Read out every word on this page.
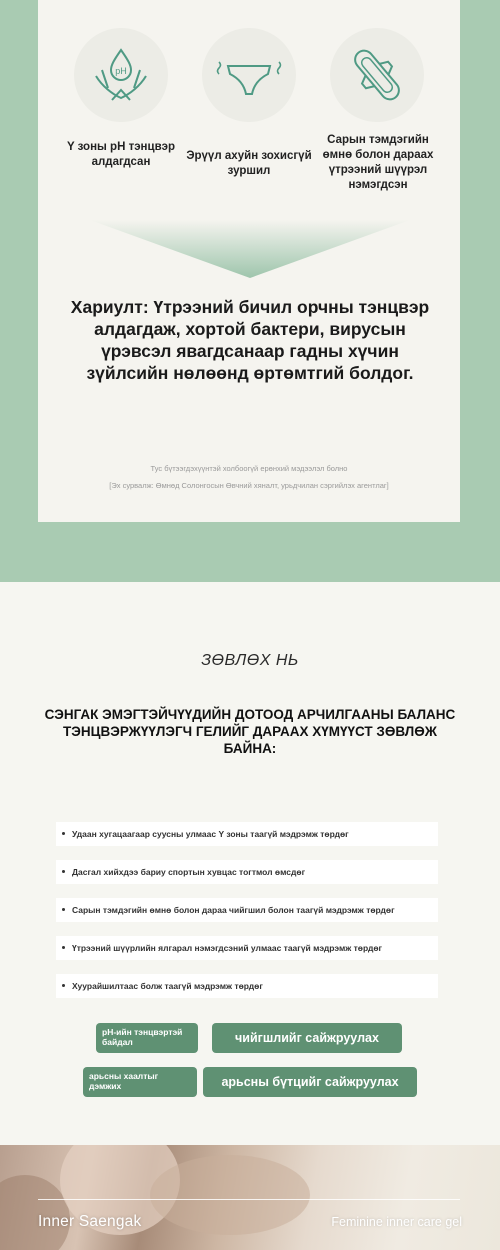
pH
Y зоны pH тэнцвэр алдагдсан	Эрүүл ахуйн зохисгүй зуршил
Сарын тэмдэгийн өмнө болон дараах үтрээний шүүрэл нэмэгдсэн
Хариулт: Үтрээний бичил орчны тэнцвэр алдагдаж, хортой бактери, вирусын үрэвсэл явагдсанаар гадны хүчин зүйлсийн нөлөөнд өртөмтгий болдог.
Тус бүтээгдэхүүнтэй холбоогүй ерөнхий мэдээлэл болно
[Эх сурвалж: Өмнөд Солонгосын Өвчний хяналт, урьдчилан сэргийлэх агентлаг]
ЗӨВЛӨХ НЬ
СЭНГАК ЭМЭГТЭЙЧҮҮДИЙН ДОТООД АРЧИЛГААНЫ БАЛАНС ТЭНЦВЭРЖҮҮЛЭГЧ ГЕЛИЙГ ДАРААХ ХҮМҮҮСТ ЗӨВЛӨЖ БАЙНА:
Удаан хугацаагаар суусны улмаас Y зоны таагүй мэдрэмж төрдөг
Дасгал хийхдээ бариу спортын хувцас тогтмол өмсдөг
Сарын тэмдэгийн өмнө болон дараа чийгшил болон таагүй мэдрэмж төрдөг
Үтрээний шүүрлийн ялгарал нэмэгдсэний улмаас таагүй мэдрэмж төрдөг
Хуурайшилтаас болж таагүй мэдрэмж төрдөг
pH-ийн тэнцвэртэй байдал	чийгшлийг сайжруулах
арьсны хаалтыг дэмжих	арьсны бүтцийг сайжруулах
Inner Saengak	Feminine inner care gel
